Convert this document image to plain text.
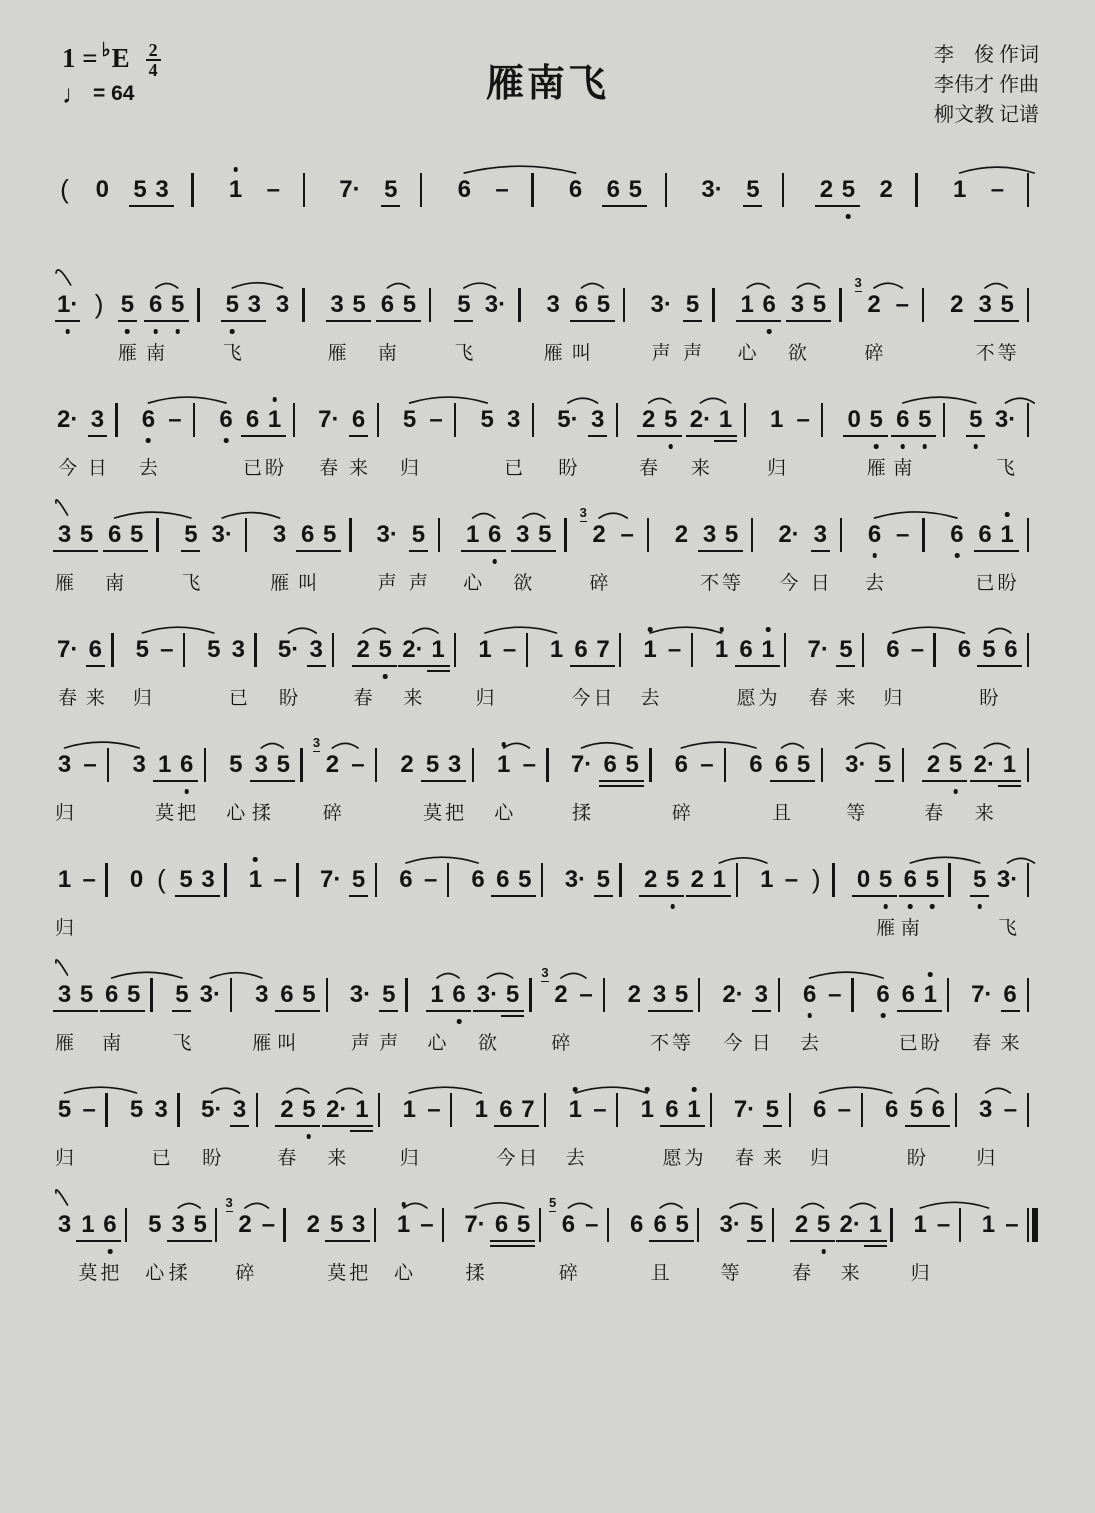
1 = ♭ E $\frac{2}{4}$
♩ = 64	雁南飞
李　俊 作词
李伟才 作曲
柳文教 记谱
( 0 5 3	1 – 7· 5	6 –	6 6 5 3· 5	2 5 2	1 –
1· ) 5
雁
6
南
5 5
飞
3 3 3
雁
5 6
南
5 5
飞
3· 3
雁
6
叫
5 3·
声
5
声
1
心
6 3
欲
5
3
2
碎
– 2 3
不
5
等
2·
今
3
日
6
去
– 6 6
已
1
盼
7·
春
6
来
5
归
– 5 3
已
5·
盼
3 2
春
5 2·
来
1 1
归
– 0 5
雁
6
南
5 5 3·
飞
3
雁
5 6
南
5 5
飞
3· 3
雁
6
叫
5 3·
声
5
声
1
心
6 3
欲
5
3
2
碎
– 2 3
不
5
等
2·
今
3
日
6
去
– 6 6
已
1
盼
7·
春
6
来
5
归
– 5 3
已
5·
盼
3 2
春
5 2·
来
1 1
归
– 1 6
今
7
日
1
去
– 1 6
愿
1
为
7·
春
5
来
6
归
– 6 5
盼
6
3
归
– 3 1
莫
6
把
5
心
3
揉
5
3
2
碎
– 2 5
莫
3
把
1
心
– 7·
揉
6 5 6
碎
– 6 6
且
5 3·
等
5 2
春
5 2·
来
1
1
归
– 0 ( 5 3 1 – 7· 5 6 – 6 6 5 3· 5 2 5 2 1 1 – ) 0 5
雁
6
南
5 5 3·
飞
3
雁
5 6
南
5 5
飞
3· 3
雁
6
叫
5 3·
声
5
声
1
心
6 3·
欲
5
3
2
碎
– 2 3
不
5
等
2·
今
3
日
6
去
– 6 6
已
1
盼
7·
春
6
来
5
归
– 5 3
已
5·
盼
3 2
春
5 2·
来
1 1
归
– 1 6
今
7
日
1
去
– 1 6
愿
1
为
7·
春
5
来
6
归
– 6 5
盼
6 3
归
–
3 1
莫
6
把
5
心
3
揉
5
3
2
碎
– 2 5
莫
3
把
1
心
– 7·
揉
6 5
5
6
碎
– 6 6
且
5 3·
等
5 2
春
5 2·
来
1 1
归
– 1 –
